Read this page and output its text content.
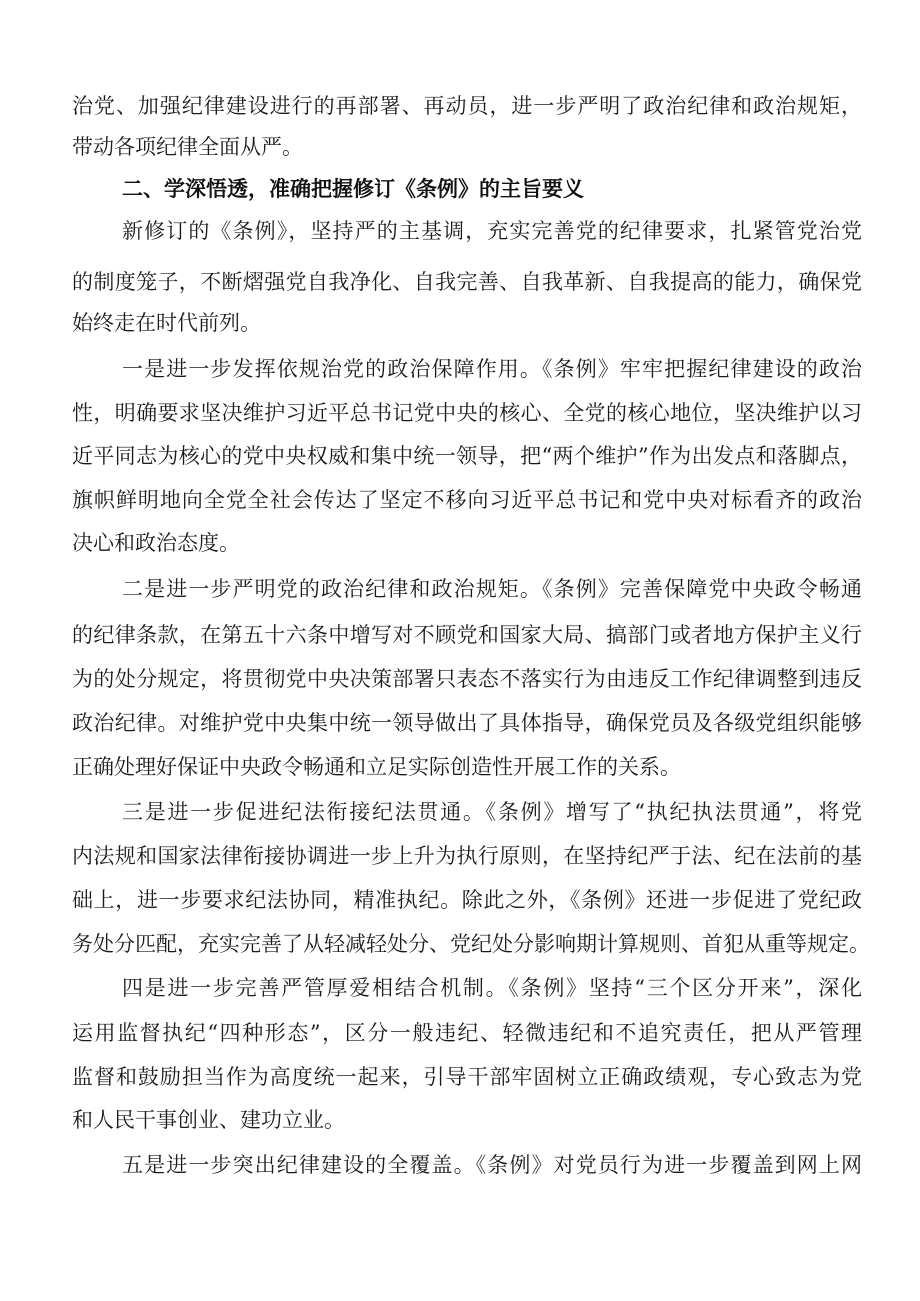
治党、加强纪律建设进行的再部署、再动员，进一步严明了政治纪律和政治规矩，
带动各项纪律全面从严。
二、学深悟透，准确把握修订《条例》的主旨要义
新修订的《条例》，坚持严的主基调，充实完善党的纪律要求，扎紧管党治党
的制度笼子，不断熠强党自我净化、自我完善、自我革新、自我提高的能力，确保党
始终走在时代前列。
一是进一步发挥依规治党的政治保障作用。《条例》牢牢把握纪律建设的政治
性，明确要求坚决维护习近平总书记党中央的核心、全党的核心地位，坚决维护以习
近平同志为核心的党中央权威和集中统一领导，把“两个维护”作为出发点和落脚点，
旗帜鲜明地向全党全社会传达了坚定不移向习近平总书记和党中央对标看齐的政治
决心和政治态度。
二是进一步严明党的政治纪律和政治规矩。《条例》完善保障党中央政令畅通
的纪律条款，在第五十六条中增写对不顾党和国家大局、搞部门或者地方保护主义行
为的处分规定，将贯彻党中央决策部署只表态不落实行为由违反工作纪律调整到违反
政治纪律。对维护党中央集中统一领导做出了具体指导，确保党员及各级党组织能够
正确处理好保证中央政令畅通和立足实际创造性开展工作的关系。
三是进一步促进纪法衔接纪法贯通。《条例》增写了“执纪执法贯通”，将党
内法规和国家法律衔接协调进一步上升为执行原则，在坚持纪严于法、纪在法前的基
础上，进一步要求纪法协同，精准执纪。除此之外，《条例》还进一步促进了党纪政
务处分匹配，充实完善了从轻减轻处分、党纪处分影响期计算规则、首犯从重等规定。
四是进一步完善严管厚爱相结合机制。《条例》坚持“三个区分开来”，深化
运用监督执纪“四种形态”，区分一般违纪、轻微违纪和不追究责任，把从严管理
监督和鼓励担当作为高度统一起来，引导干部牢固树立正确政绩观，专心致志为党
和人民干事创业、建功立业。
五是进一步突出纪律建设的全覆盖。《条例》对党员行为进一步覆盖到网上网
